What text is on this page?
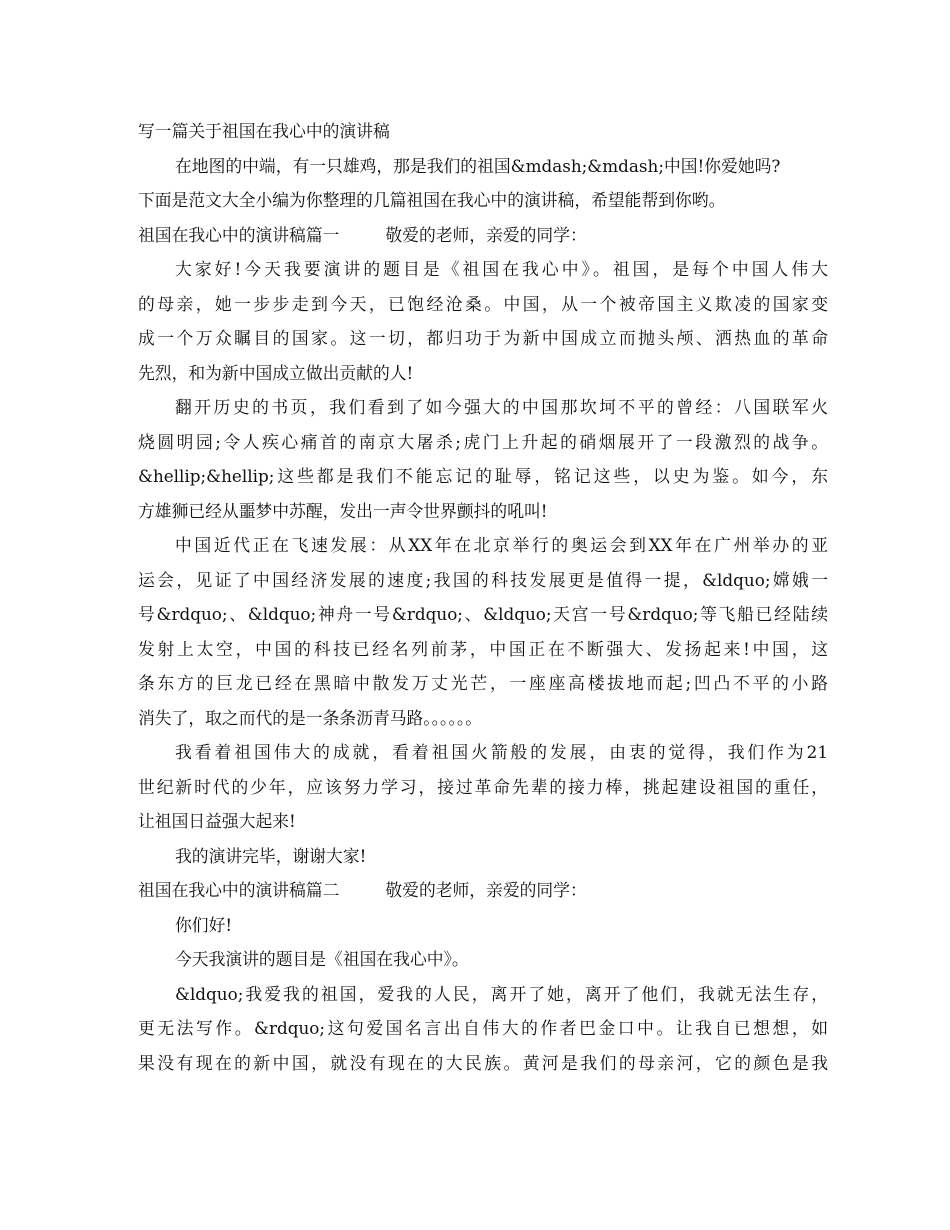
写一篇关于祖国在我心中的演讲稿
在地图的中端，有一只雄鸡，那是我们的祖国&mdash;&mdash;中国!你爱她吗?
下面是范文大全小编为你整理的几篇祖国在我心中的演讲稿，希望能帮到你哟。
祖国在我心中的演讲稿篇一	敬爱的老师，亲爱的同学：
大家好!今天我要演讲的题目是《祖国在我心中》。祖国，是每个中国人伟大
的母亲，她一步步走到今天，已饱经沧桑。中国，从一个被帝国主义欺凌的国家变
成一个万众瞩目的国家。这一切，都归功于为新中国成立而抛头颅、洒热血的革命
先烈，和为新中国成立做出贡献的人!
翻开历史的书页，我们看到了如今强大的中国那坎坷不平的曾经：八国联军火
烧圆明园;令人疾心痛首的南京大屠杀;虎门上升起的硝烟展开了一段激烈的战争。
&hellip;&hellip;这些都是我们不能忘记的耻辱，铭记这些，以史为鉴。如今，东
方雄狮已经从噩梦中苏醒，发出一声令世界颤抖的吼叫!
中国近代正在飞速发展：从XX年在北京举行的奥运会到XX年在广州举办的亚
运会，见证了中国经济发展的速度;我国的科技发展更是值得一提，&ldquo;嫦娥一
号&rdquo;、&ldquo;神舟一号&rdquo;、&ldquo;天宫一号&rdquo;等飞船已经陆续
发射上太空，中国的科技已经名列前茅，中国正在不断强大、发扬起来!中国，这
条东方的巨龙已经在黑暗中散发万丈光芒，一座座高楼拔地而起;凹凸不平的小路
消失了，取之而代的是一条条沥青马路。。。。。。
我看着祖国伟大的成就，看着祖国火箭般的发展，由衷的觉得，我们作为21
世纪新时代的少年，应该努力学习，接过革命先辈的接力棒，挑起建设祖国的重任，
让祖国日益强大起来!
我的演讲完毕，谢谢大家!
祖国在我心中的演讲稿篇二	敬爱的老师，亲爱的同学：
你们好!
今天我演讲的题目是《祖国在我心中》。
&ldquo;我爱我的祖国，爱我的人民，离开了她，离开了他们，我就无法生存，
更无法写作。&rdquo;这句爱国名言出自伟大的作者巴金口中。让我自已想想，如
果没有现在的新中国，就没有现在的大民族。黄河是我们的母亲河，它的颜色是我
